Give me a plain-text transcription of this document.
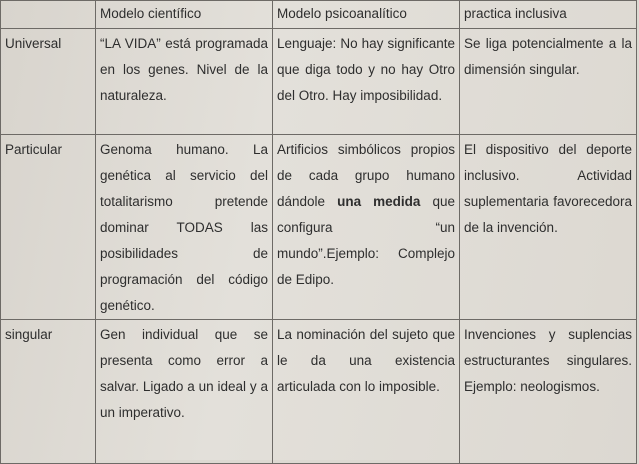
	Modelo científico	Modelo psicoanalítico	practica inclusiva
Universal	“LA VIDA” está programada en los genes. Nivel de la naturaleza.	Lenguaje: No hay significante que diga todo y no hay Otro del Otro. Hay imposibilidad.	Se liga potencialmente a la dimensión singular.
Particular	Genoma humano. La genética al servicio del totalitarismo pretende dominar TODAS las posibilidades de programación del código genético.	Artificios simbólicos propios de cada grupo humano dándole una medida que configura “un mundo”.Ejemplo: Complejo de Edipo.	El dispositivo del deporte inclusivo. Actividad suplementaria favorecedora de la invención.
singular	Gen individual que se presenta como error a salvar. Ligado a un ideal y a un imperativo.	La nominación del sujeto que le da una existencia articulada con lo imposible.	Invenciones y suplencias estructurantes singulares. Ejemplo: neologismos.
